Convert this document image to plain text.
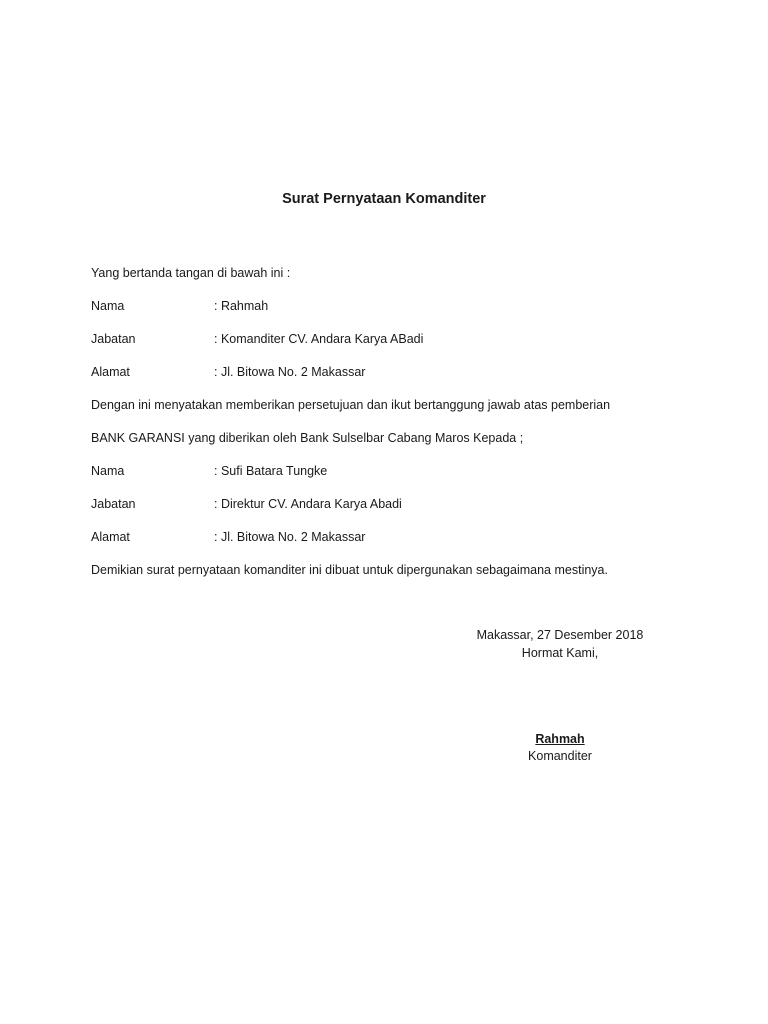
Surat Pernyataan Komanditer
Yang bertanda tangan di bawah ini :
Nama	: Rahmah
Jabatan	: Komanditer CV. Andara Karya ABadi
Alamat	: Jl. Bitowa No. 2 Makassar
Dengan ini menyatakan memberikan persetujuan dan ikut bertanggung jawab atas pemberian
BANK GARANSI yang diberikan oleh Bank Sulselbar Cabang Maros Kepada ;
Nama	: Sufi Batara Tungke
Jabatan	: Direktur CV. Andara Karya Abadi
Alamat	: Jl. Bitowa No. 2 Makassar
Demikian surat pernyataan komanditer ini dibuat untuk dipergunakan sebagaimana mestinya.
Makassar, 27 Desember 2018
Hormat Kami,
Rahmah
Komanditer
